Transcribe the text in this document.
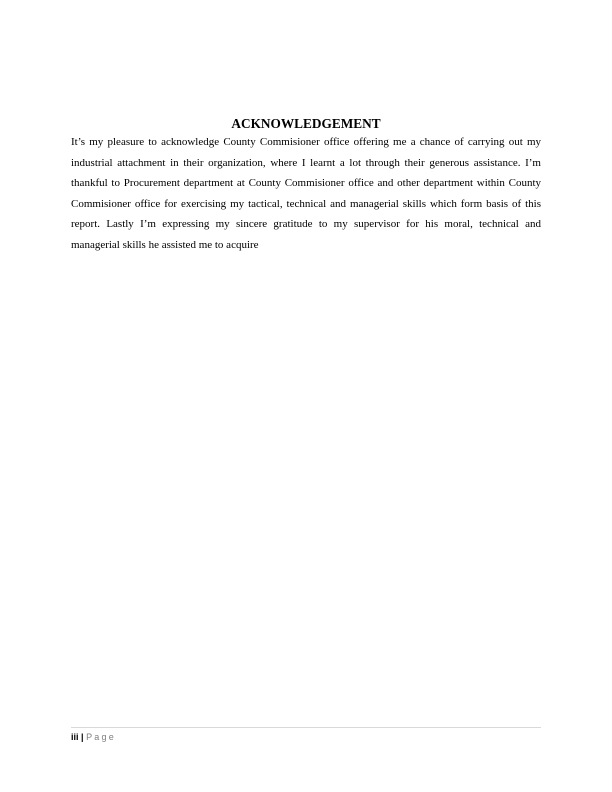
ACKNOWLEDGEMENT

It’s my pleasure to acknowledge County Commisioner office offering me a chance of carrying out my industrial attachment in their organization, where I learnt a lot through their generous assistance. I’m thankful to Procurement department at County Commisioner office and other department within County Commisioner office for exercising my tactical, technical and managerial skills which form basis of this report. Lastly I’m expressing my sincere gratitude to my supervisor for his moral, technical and managerial skills he assisted me to acquire

iii | Page
